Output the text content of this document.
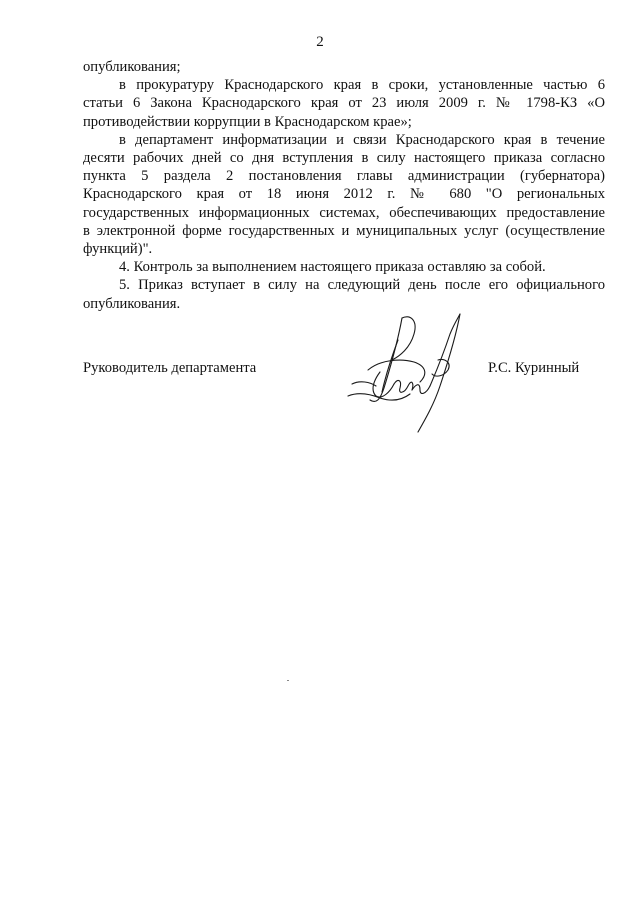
2

опубликования;

в прокуратуру Краснодарского края в сроки, установленные частью 6
статьи 6 Закона Краснодарского края от 23 июля 2009 г. № 1798-КЗ «О
противодействии коррупции в Краснодарском крае»;

в департамент информатизации и связи Краснодарского края в течение
десяти рабочих дней со дня вступления в силу настоящего приказа согласно
пункта 5 раздела 2 постановления главы администрации (губернатора)
Краснодарского края от 18 июня 2012 г. № 680 "О региональных
государственных информационных системах, обеспечивающих предоставление
в электронной форме государственных и муниципальных услуг (осуществление
функций)".

4. Контроль за выполнением настоящего приказа оставляю за собой.

5. Приказ вступает в силу на следующий день после его официального
опубликования.

Руководитель департамента	Р.С. Куринный
